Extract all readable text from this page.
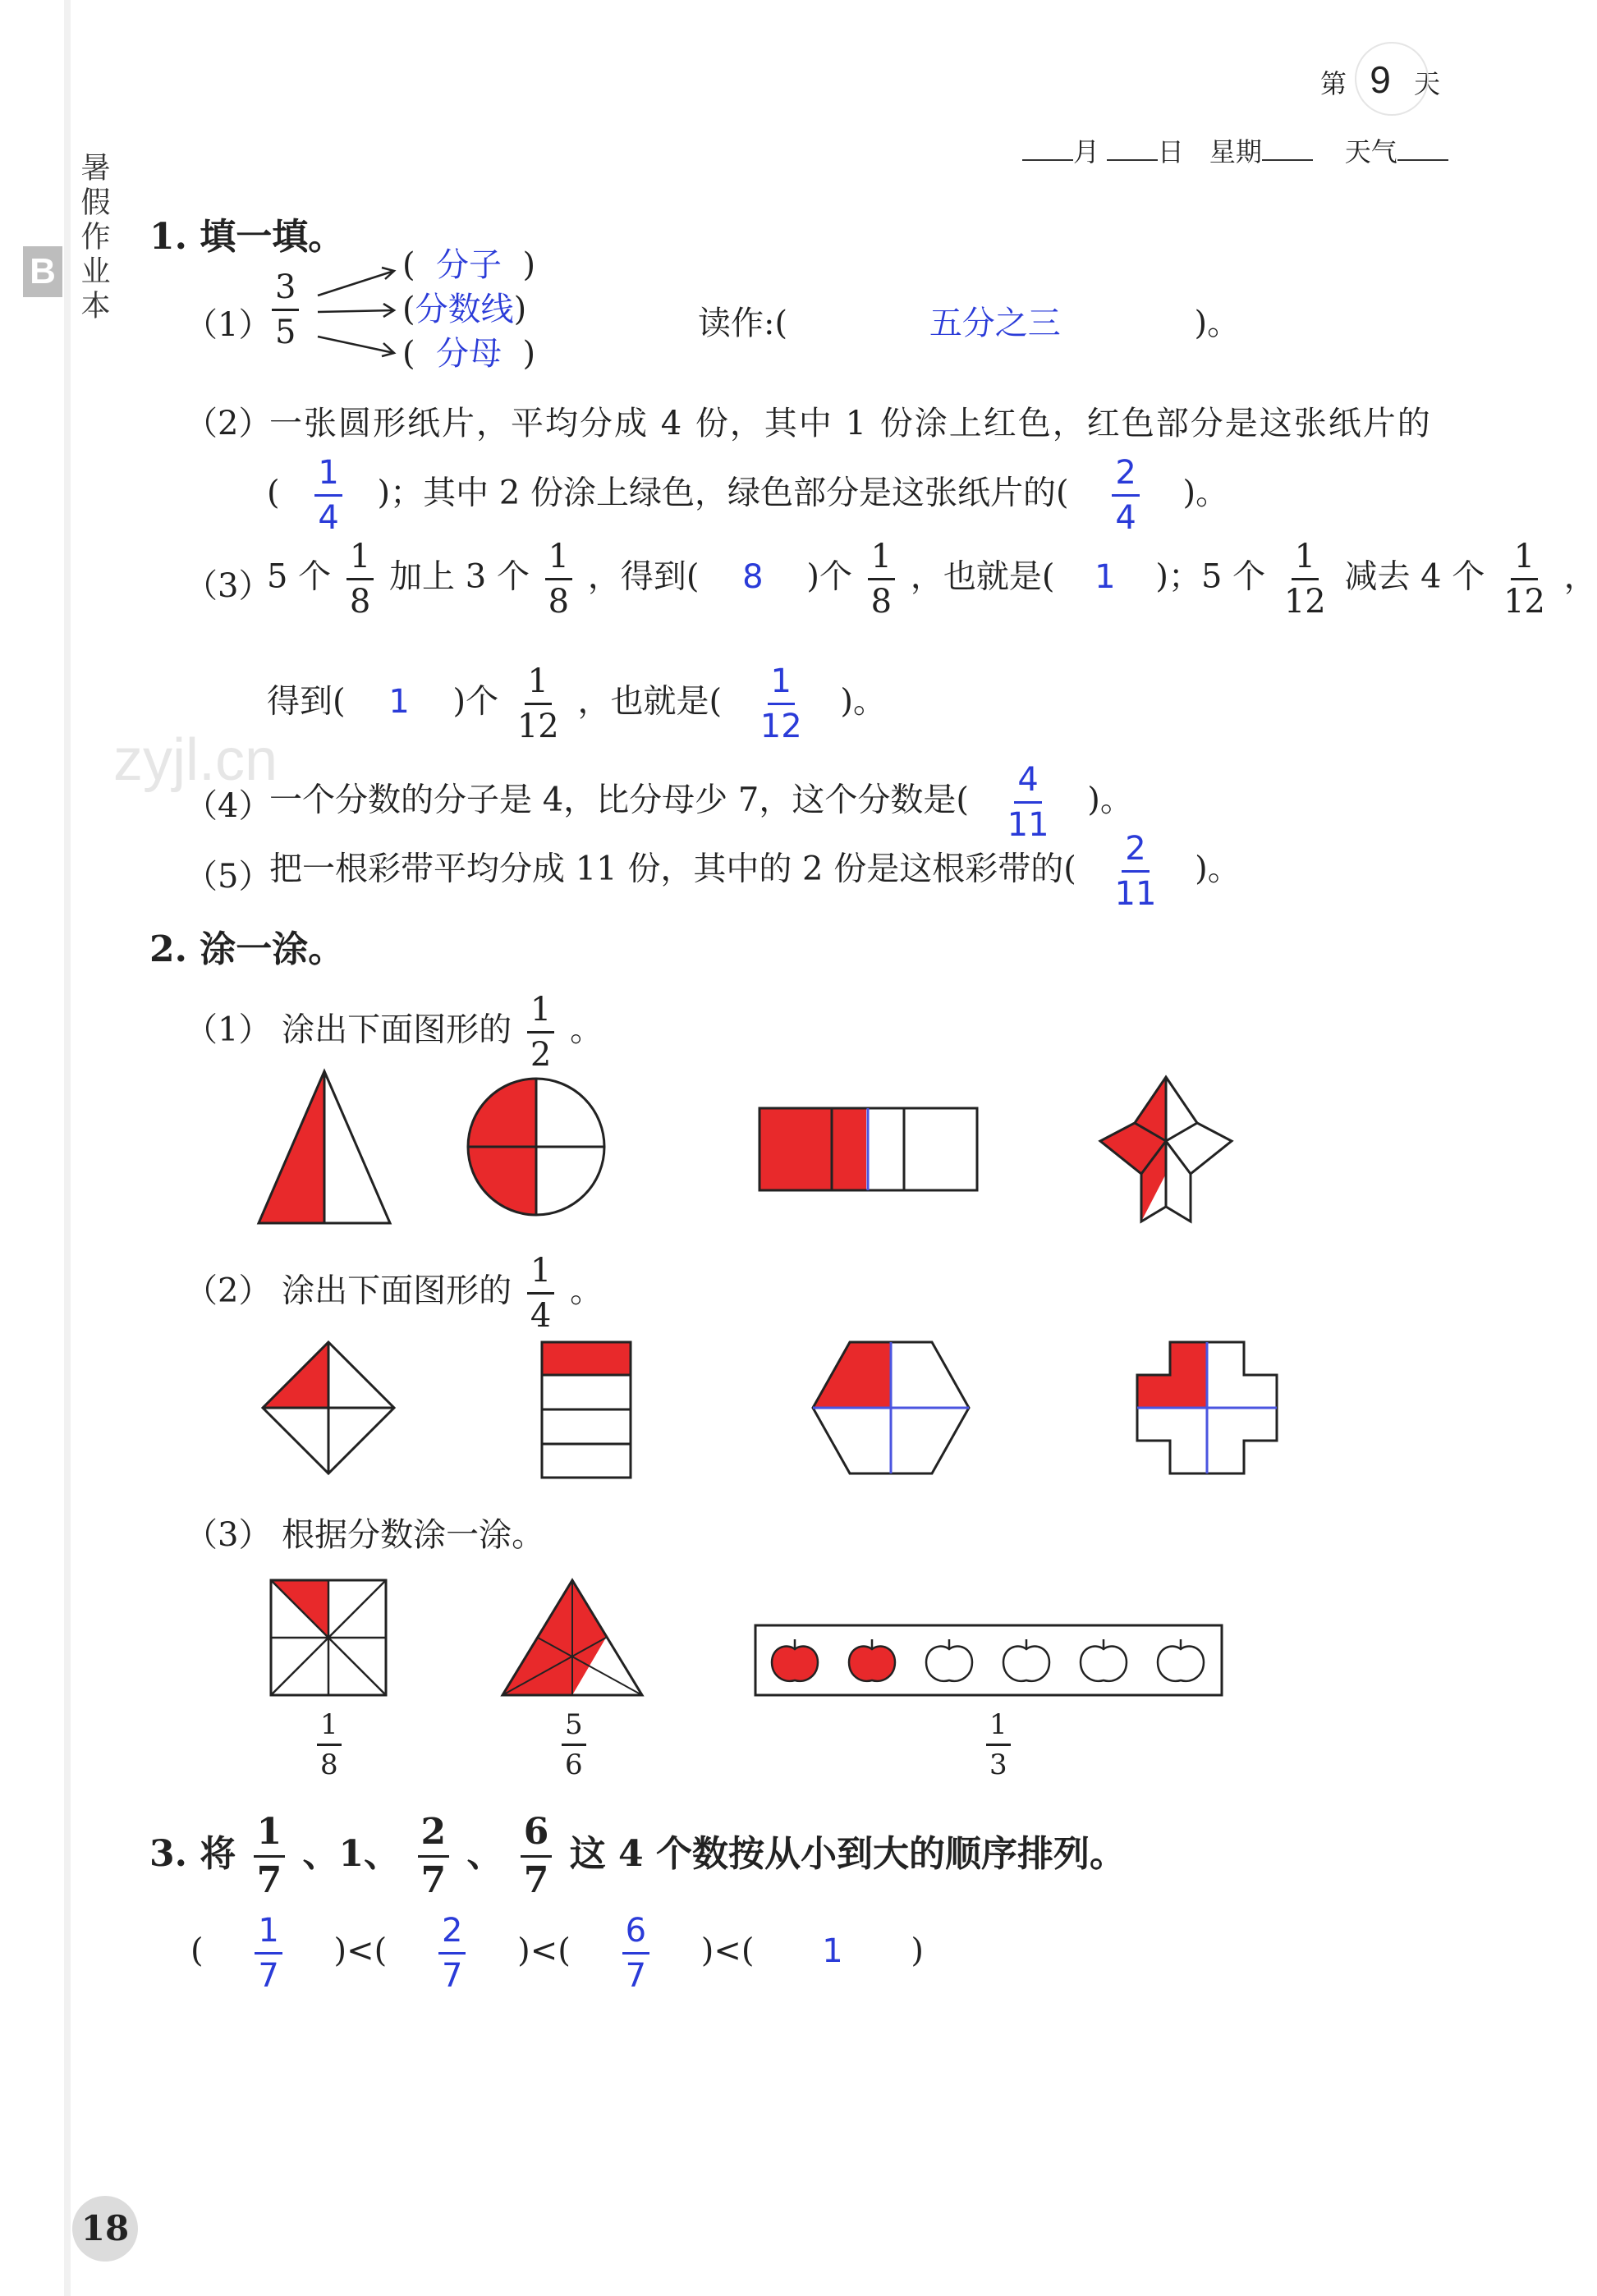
第 9 天
月 日 星期	天气
暑假作业本
B
18
zyjl.cn
1. 填一填。
$(1) \frac{3}{5}$
(  分子  )
(分数线)
(  分母  )
读作:(	五分之三	)。
（2）
一张圆形纸片，平均分成 4 份，其中 1 份涂上红色，红色部分是这张纸片的
( $\frac{1}{4}$ )；其中 2 份涂上绿色，绿色部分是这张纸片的( $\frac{2}{4}$ )。
（3）
5 个 $\frac{1}{8}$ 加上 3 个 $\frac{1}{8}$ ，得到( 8 )个 $\frac{1}{8}$ ，也就是( 1 )；5 个 $\frac{1}{12}$ 减去 4 个 $\frac{1}{12}$ ，
得到( 1 )个 $\frac{1}{12}$ ，也就是( $\frac{1}{12}$ )。
（4）
一个分数的分子是 4，比分母少 7，这个分数是( $\frac{4}{11}$ )。
（5）
把一根彩带平均分成 11 份，其中的 2 份是这根彩带的( $\frac{2}{11}$ )。
2. 涂一涂。
（1） 涂出下面图形的 $\frac{1}{2}$ 。
（2） 涂出下面图形的 $\frac{1}{4}$ 。
（3） 根据分数涂一涂。
$\frac{1}{8}$	$\frac{5}{6}$	$\frac{1}{3}$
3. 将 $\frac{1}{7}$ 、1、 $\frac{2}{7}$ 、 $\frac{6}{7}$ 这 4 个数按从小到大的顺序排列。
( $\frac{1}{7}$ )<( $\frac{2}{7}$ )<( $\frac{6}{7}$ )<( 1 )
